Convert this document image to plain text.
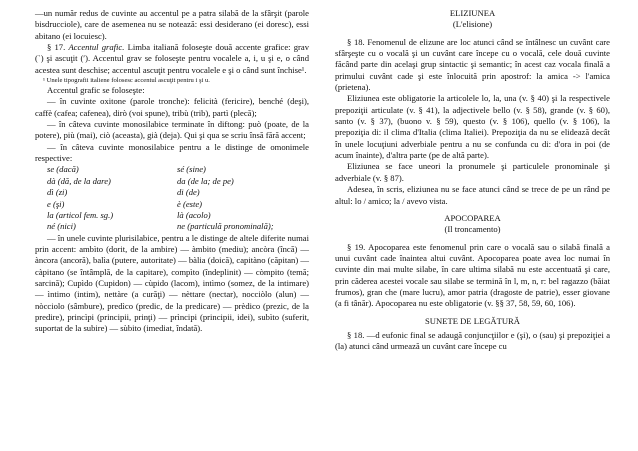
—un număr redus de cuvinte au accentul pe a patra silabă de la sfârşit (parole bisdrucciole), care de asemenea nu se notează: essi desiderano (ei doresc), essi abitano (ei locuiesc).

§ 17. Accentul grafic. Limba italiană foloseşte două accente grafice: grav (`) şi ascuţit (′). Accentul grav se foloseşte pentru vocalele a, i, u şi e, o când acestea sunt deschise; accentul ascuţit pentru vocalele e şi o când sunt închise¹.

¹ Unele tipografii italiene folosesc accentul ascuţit pentru i şi u.

Accentul grafic se foloseşte:

— în cuvinte oxitone (parole tronche): felicità (fericire), benché (deşi), caffè (cafea; cafenea), dirò (voi spune), tribù (trib), partì (plecă);

— în câteva cuvinte monosilabice terminate în diftong: può (poate, de la potere), più (mai), ciò (aceasta), già (deja). Qui şi qua se scriu însă fără accent;

— în câteva cuvinte monosilabice pentru a le distinge de omonimele respective:

se (dacă)	sé (sine)
dà (dă, de la dare)	da (de la; de pe)
dì (zi)	di (de)
e (şi)	è (este)
la (articol fem. sg.)	là (acolo)
né (nici)	ne (particulă pronominală);

— în unele cuvinte plurisilabice, pentru a le distinge de altele diferite numai prin accent: ambìto (dorit, de la ambire) — àmbito (mediu); ancòra (încă) — àncora (ancoră), balìa (putere, autoritate) — bàlia (doică), capitàno (căpitan) — càpitano (se întâmplă, de la capitare), compìto (îndeplinit) — còmpito (temă; sarcină); Cupìdo (Cupidon) — cùpido (lacom), intìmo (somez, de la intimare) — ìntimo (intim), nettàre (a curăţi) — nèttare (nectar), nocciòlo (alun) — nòcciolo (sâmbure), predìco (predic, de la predicare) — prèdico (prezic, de la predire), princìpi (principii, prinţi) — prìncipi (principii, idei), subìto (suferit, suportat de la subire) — sùbito (imediat, îndată).

ELIZIUNEA

(L'elisione)

§ 18. Fenomenul de elizune are loc atunci când se întâlnesc un cuvânt care sfârşeşte cu o vocală şi un cuvânt care începe cu o vocală, cele două cuvinte făcând parte din acelaşi grup sintactic şi semantic; în acest caz vocala finală a primului cuvânt cade şi este înlocuită prin apostrof: la amica -> l'amica (prietena).

Eliziunea este obligatorie la articolele lo, la, una (v. § 40) şi la respectivele prepoziţii articulate (v. § 41), la adjectivele bello (v. § 58), grande (v. § 60), santo (v. § 37), (buono v. § 59), questo (v. § 106), quello (v. § 106), la prepoziţia di: il clima d'Italia (clima Italiei). Prepoziţia da nu se elidează decât în unele locuţiuni adverbiale pentru a nu se confunda cu di: d'ora in poi (de acum înainte), d'altra parte (pe de altă parte).

Eliziunea se face uneori la pronumele şi particulele pronominale şi adverbiale (v. § 87).

Adesea, în scris, eliziunea nu se face atunci când se trece de pe un rând pe altul: lo / amico; la / avevo vista.

APOCOPAREA

(Il troncamento)

§ 19. Apocoparea este fenomenul prin care o vocală sau o silabă finală a unui cuvânt cade înaintea altui cuvânt. Apocoparea poate avea loc numai în cuvinte din mai multe silabe, în care ultima silabă nu este accentuată şi care, prin căderea acestei vocale sau silabe se termină în l, m, n, r: bel ragazzo (băiat frumos), gran che (mare lucru), amor patria (dragoste de patrie), esser giovane (a fi tânăr). Apocoparea nu este obligatorie (v. §§ 37, 58, 59, 60, 106).

SUNETE DE LEGĂTURĂ

§ 18. —d eufonic final se adaugă conjuncţiilor e (şi), o (sau) şi prepoziţiei a (la) atunci când urmează un cuvânt care începe cu
